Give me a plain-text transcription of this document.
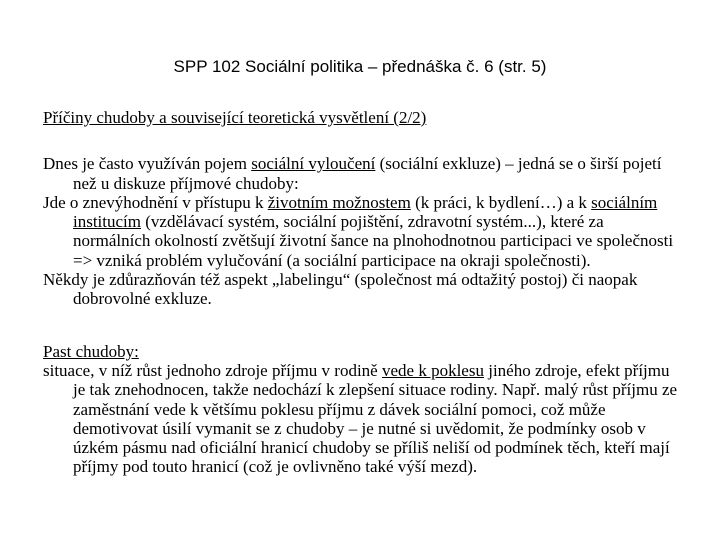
SPP 102 Sociální politika – přednáška č. 6 (str. 5)

Příčiny chudoby a související teoretická vysvětlení (2/2)

Dnes je často využíván pojem sociální vyloučení (sociální exkluze) – jedná se o širší pojetí než u diskuze příjmové chudoby:

Jde o znevýhodnění v přístupu k životním možnostem (k práci, k bydlení…) a k sociálním institucím (vzdělávací systém, sociální pojištění, zdravotní systém...), které za normálních okolností zvětšují životní šance na plnohodnotnou participaci ve společnosti => vzniká problém vylučování (a sociální participace na okraji společnosti).

Někdy je zdůrazňován též aspekt „labelingu“ (společnost má odtažitý postoj) či naopak dobrovolné exkluze.

Past chudoby:

situace, v níž růst jednoho zdroje příjmu v rodině vede k poklesu jiného zdroje, efekt příjmu je tak znehodnocen, takže nedochází k zlepšení situace rodiny. Např. malý růst příjmu ze zaměstnání vede k většímu poklesu příjmu z dávek sociální pomoci, což může demotivovat úsilí vymanit se z chudoby – je nutné si uvědomit, že podmínky osob v úzkém pásmu nad oficiální hranicí chudoby se příliš neliší od podmínek těch, kteří mají příjmy pod touto hranicí (což je ovlivněno také výší mezd).
